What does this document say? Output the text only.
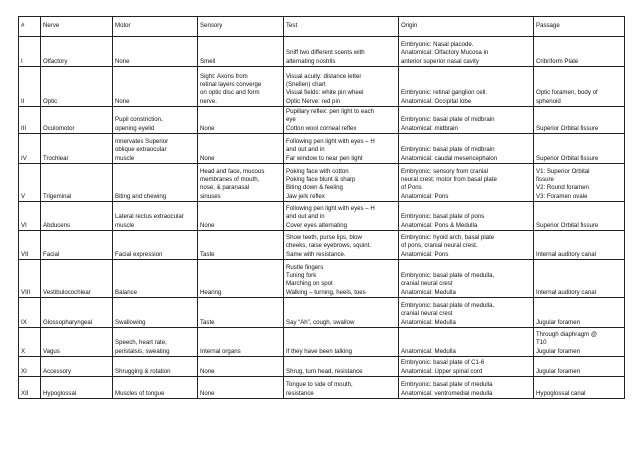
#	Nerve	Motor	Sensory	Test	Origin	Passage
I	Olfactory	None	Smell	Sniff two different scents with
alternating nostrils	Embryonic: Nasal placode.
Anatomical: Olfactory Mucosa in
anterior superior nasal cavity	Cribriform Plate
II	Optic	None	Sight: Axons from
retinal layers converge
on optic disc and form
nerve.	Visual acuity: distance letter
(Snellen) chart
Visual fields: white pin wheel
Optic Nerve: red pin	Embryonic: retinal ganglion cell.
Anatomical: Occipital lobe	Optic foramen, body of
sphenoid
III	Oculomotor	Pupil constriction,
opening eyelid	None	Pupillary reflex: pen light to each
eye
Cotton wool corneal reflex	Embryonic: basal plate of midbrain
Anatomical: midbrain	Superior Orbital fissure
IV	Trochlear	Innervates Superior
oblique extraocular
muscle	None	Following pen light with eyes – H
and out and in
Far window to near pen light	Embryonic: basal plate of midbrain
Anatomical: caudal mesencephalon	Superior Orbital fissure
V	Trigeminal	Biting and chewing	Head and face, mucous
membranes of mouth,
nose, & paranasal
sinuses	Poking face with cotton
Poking face blunt & sharp
Biting down & feeling
Jaw jerk reflex	Embryonic: sensory from cranial
neural crest; motor from basal plate
of Pons
Anatomical: Pons	V1: Superior Orbital
fissure
V2: Round foramen
V3: Foramen ovale
VI	Abducens	Lateral rectus extraocular
muscle	None	Following pen light with eyes – H
and out and in
Cover eyes alternating	Embryonic: basal plate of pons
Anatomical: Pons & Medulla	Superior Orbital fissure
VII	Facial	Facial expression	Taste	Show teeth, purse lips, blow
cheeks, raise eyebrows, squint.
Same with resistance.	Embryonic: hyoid arch, basal plate
of pons, cranial neural crest.
Anatomical: Pons	Internal auditory canal
VIII	Vestibulocochlear	Balance	Hearing	Rustle fingers
Tuning fork
Marching on spot
Walking – turning, heels, toes	Embryonic: basal plate of medulla,
cranial neural crest
Anatomical: Medulla	Internal auditory canal
IX	Glossopharyngeal	Swallowing	Taste	Say “Ah”, cough, swallow	Embryonic: basal plate of medulla,
cranial neural crest
Anatomical: Medulla	Jugular foramen
X	Vagus	Speech, heart rate,
peristalsis, sweating	Internal organs	If they have been talking	Anatomical: Medulla	Through diaphragm @
T10
Jugular foramen
XI	Accessory	Shrugging & rotation	None	Shrug, turn head, resistance	Embryonic: basal plate of C1-6
Anatomical: Upper spinal cord	Jugular foramen
XII	Hypoglossal	Muscles of tongue	None	Tongue to side of mouth,
resistance	Embryonic: basal plate of medulla
Anatomical: ventromedial medulla	Hypoglossal canal
